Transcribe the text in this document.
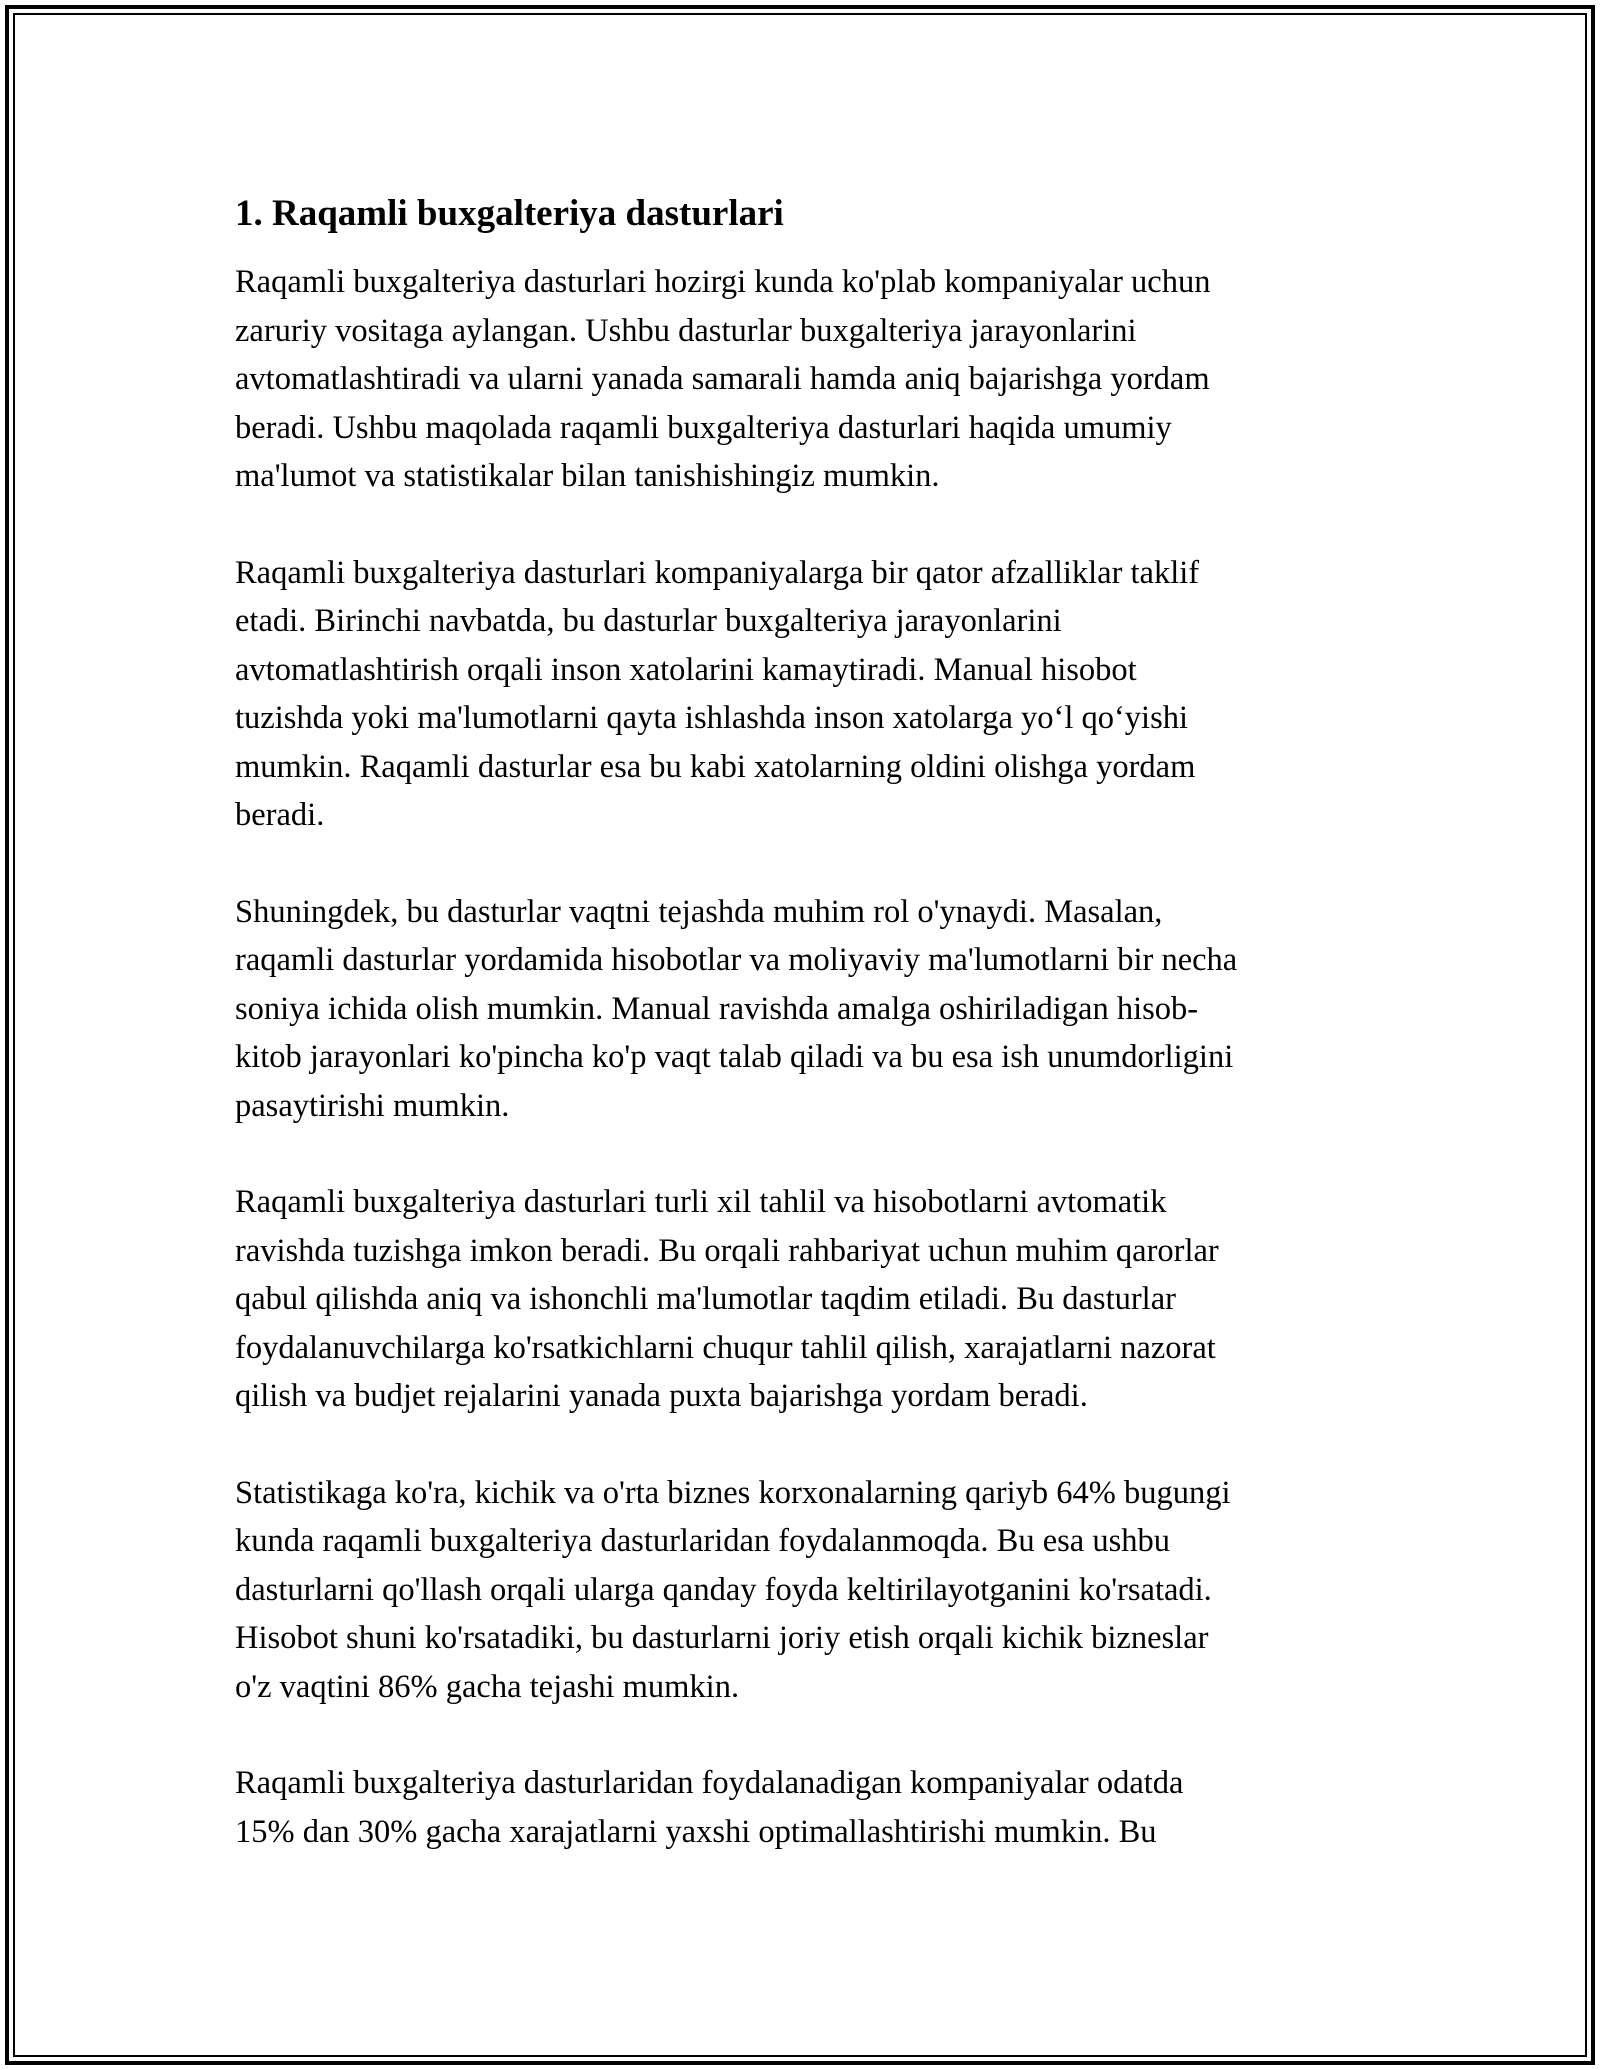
1. Raqamli buxgalteriya dasturlari

Raqamli buxgalteriya dasturlari hozirgi kunda ko'plab kompaniyalar uchun
zaruriy vositaga aylangan. Ushbu dasturlar buxgalteriya jarayonlarini
avtomatlashtiradi va ularni yanada samarali hamda aniq bajarishga yordam
beradi. Ushbu maqolada raqamli buxgalteriya dasturlari haqida umumiy
ma'lumot va statistikalar bilan tanishishingiz mumkin.

Raqamli buxgalteriya dasturlari kompaniyalarga bir qator afzalliklar taklif
etadi. Birinchi navbatda, bu dasturlar buxgalteriya jarayonlarini
avtomatlashtirish orqali inson xatolarini kamaytiradi. Manual hisobot
tuzishda yoki ma'lumotlarni qayta ishlashda inson xatolarga yo‘l qo‘yishi
mumkin. Raqamli dasturlar esa bu kabi xatolarning oldini olishga yordam
beradi.

Shuningdek, bu dasturlar vaqtni tejashda muhim rol o'ynaydi. Masalan,
raqamli dasturlar yordamida hisobotlar va moliyaviy ma'lumotlarni bir necha
soniya ichida olish mumkin. Manual ravishda amalga oshiriladigan hisob-
kitob jarayonlari ko'pincha ko'p vaqt talab qiladi va bu esa ish unumdorligini
pasaytirishi mumkin.

Raqamli buxgalteriya dasturlari turli xil tahlil va hisobotlarni avtomatik
ravishda tuzishga imkon beradi. Bu orqali rahbariyat uchun muhim qarorlar
qabul qilishda aniq va ishonchli ma'lumotlar taqdim etiladi. Bu dasturlar
foydalanuvchilarga ko'rsatkichlarni chuqur tahlil qilish, xarajatlarni nazorat
qilish va budjet rejalarini yanada puxta bajarishga yordam beradi.

Statistikaga ko'ra, kichik va o'rta biznes korxonalarning qariyb 64% bugungi
kunda raqamli buxgalteriya dasturlaridan foydalanmoqda. Bu esa ushbu
dasturlarni qo'llash orqali ularga qanday foyda keltirilayotganini ko'rsatadi.
Hisobot shuni ko'rsatadiki, bu dasturlarni joriy etish orqali kichik bizneslar
o'z vaqtini 86% gacha tejashi mumkin.

Raqamli buxgalteriya dasturlaridan foydalanadigan kompaniyalar odatda
15% dan 30% gacha xarajatlarni yaxshi optimallashtirishi mumkin. Bu
